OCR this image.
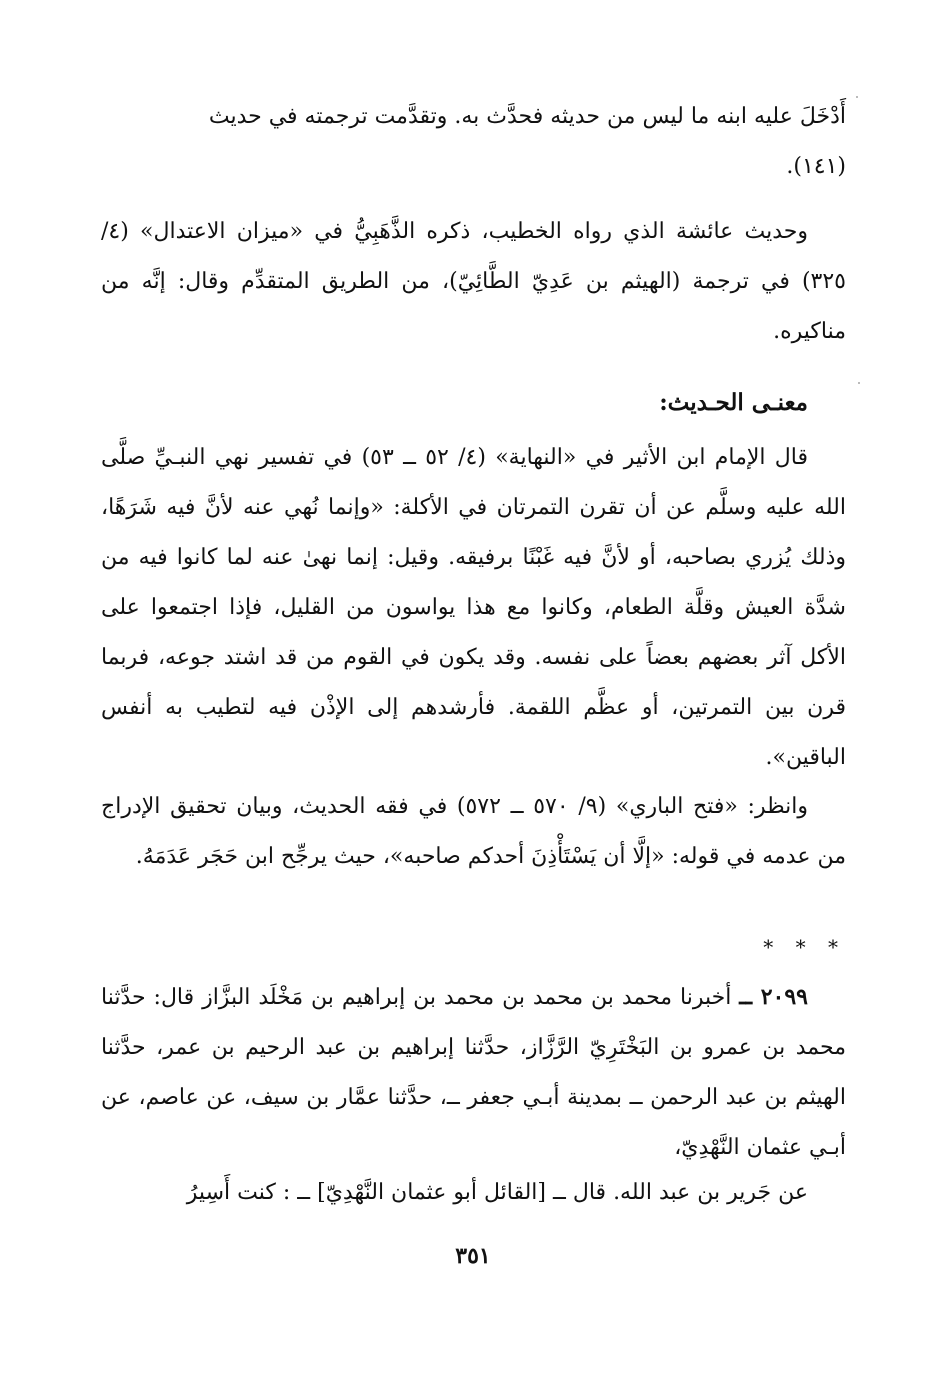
أَدْخَلَ عليه ابنه ما ليس من حديثه فحدَّث به. وتقدَّمت ترجمته في حديث

(١٤١).

وحديث عائشة الذي رواه الخطيب، ذكره الذَّهَبِيُّ في «ميزان الاعتدال» (٤/ ٣٢٥) في ترجمة (الهيثم بن عَدِيّ الطَّائِيّ)، من الطريق المتقدِّم وقال: إنَّه من مناكيره.

معنـى الحـديث:

قال الإمام ابن الأثير في «النهاية» (٤/ ٥٢ ــ ٥٣) في تفسير نهي النبـيِّ صلَّى الله عليه وسلَّم عن أن تقرن التمرتان في الأكلة: «وإنما نُهي عنه لأنَّ فيه شَرَهًا، وذلك يُزري بصاحبه، أو لأنَّ فيه غَبْنًا برفيقه. وقيل: إنما نهىٰ عنه لما كانوا فيه من شدَّة العيش وقلَّة الطعام، وكانوا مع هذا يواسون من القليل، فإذا اجتمعوا على الأكل آثر بعضهم بعضاً على نفسه. وقد يكون في القوم من قد اشتد جوعه، فربما قرن بين التمرتين، أو عظَّم اللقمة. فأرشدهم إلى الإذْن فيه لتطيب به أنفس الباقين».

وانظر: «فتح الباري» (٩/ ٥٧٠ ــ ٥٧٢) في فقه الحديث، وبيان تحقيق الإدراج من عدمه في قوله: «إلَّا أن يَسْتَأْذِنَ أحدكم صاحبه»، حيث يرجِّح ابن حَجَر عَدَمَهُ.

* * *

٢٠٩٩ ــ أخبرنا محمد بن محمد بن محمد بن إبراهيم بن مَخْلَد البزَّاز قال: حدَّثنا محمد بن عمرو بن البَخْتَرِيّ الرَّزَّاز، حدَّثنا إبراهيم بن عبد الرحيم بن عمر، حدَّثنا الهيثم بن عبد الرحمن ــ بمدينة أبـي جعفر ــ، حدَّثنا عمَّار بن سيف، عن عاصم، عن أبـي عثمان النَّهْدِيّ،

عن جَرير بن عبد الله. قال ــ [القائل أبو عثمان النَّهْدِيّ] ــ : كنت أَسِيرُ

٣٥١
